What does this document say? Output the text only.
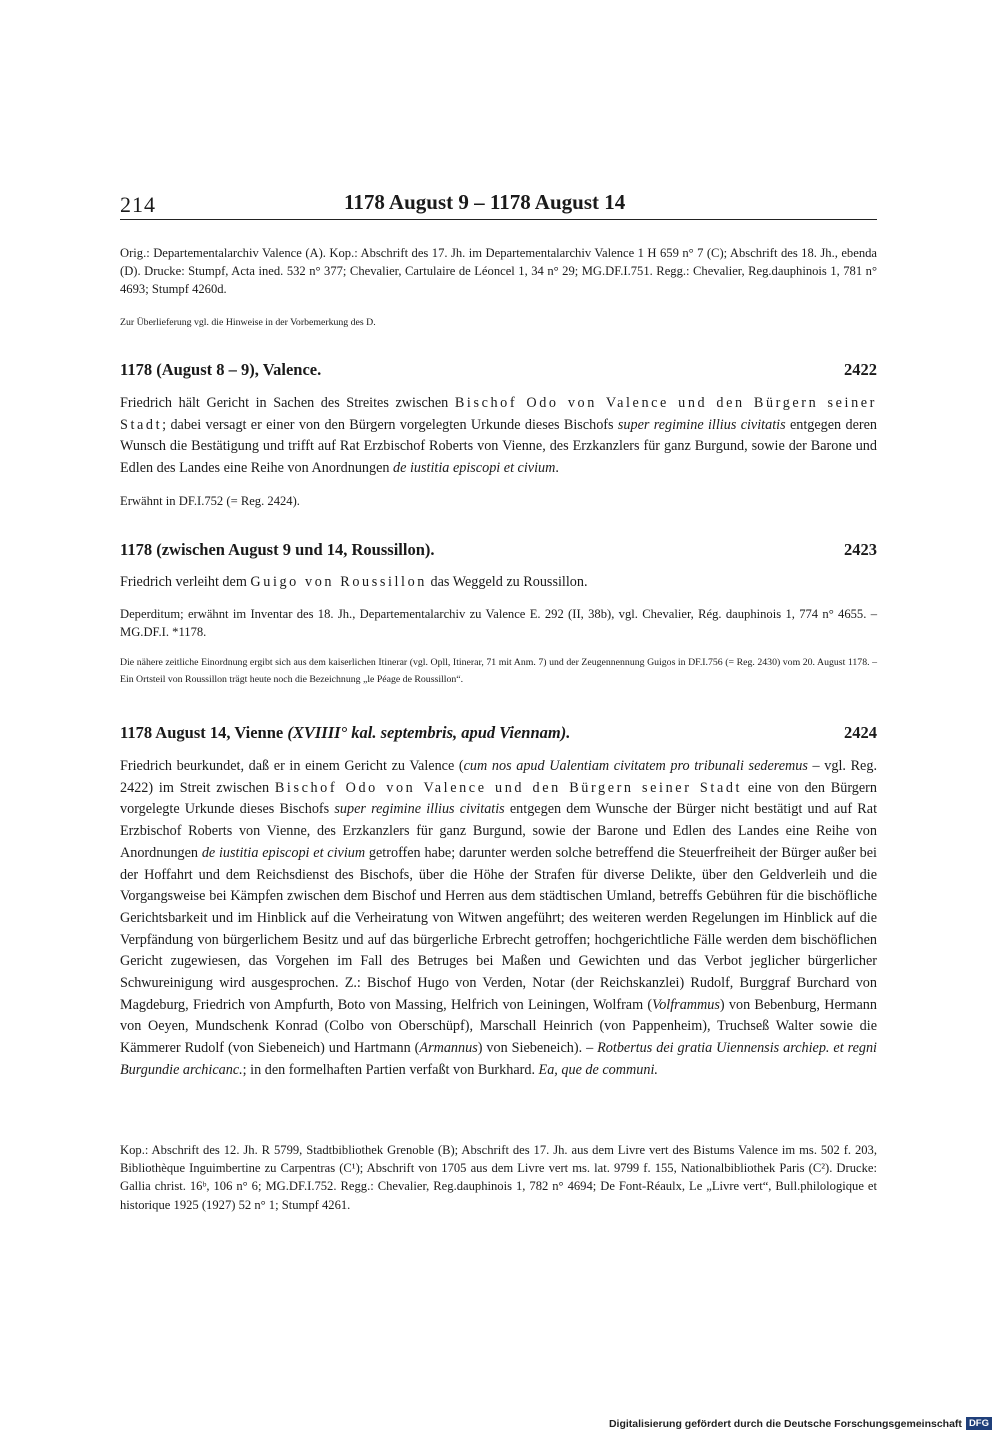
214	1178 August 9 – 1178 August 14
Orig.: Departementalarchiv Valence (A). Kop.: Abschrift des 17. Jh. im Departementalarchiv Valence 1 H 659 n° 7 (C); Abschrift des 18. Jh., ebenda (D). Drucke: Stumpf, Acta ined. 532 n° 377; Chevalier, Cartulaire de Léoncel 1, 34 n° 29; MG.DF.I.751. Regg.: Chevalier, Reg.dauphinois 1, 781 n° 4693; Stumpf 4260d.
Zur Überlieferung vgl. die Hinweise in der Vorbemerkung des D.
1178 (August 8 – 9), Valence.	2422
Friedrich hält Gericht in Sachen des Streites zwischen Bischof Odo von Valence und den Bürgern seiner Stadt; dabei versagt er einer von den Bürgern vorgelegten Urkunde dieses Bischofs super regimine illius civitatis entgegen deren Wunsch die Bestätigung und trifft auf Rat Erzbischof Roberts von Vienne, des Erzkanzlers für ganz Burgund, sowie der Barone und Edlen des Landes eine Reihe von Anordnungen de iustitia episcopi et civium.
Erwähnt in DF.I.752 (= Reg. 2424).
1178 (zwischen August 9 und 14, Roussillon).	2423
Friedrich verleiht dem Guigo von Roussillon das Weggeld zu Roussillon.
Deperditum; erwähnt im Inventar des 18. Jh., Departementalarchiv zu Valence E. 292 (II, 38b), vgl. Chevalier, Rég. dauphinois 1, 774 n° 4655. – MG.DF.I. *1178.
Die nähere zeitliche Einordnung ergibt sich aus dem kaiserlichen Itinerar (vgl. Opll, Itinerar, 71 mit Anm. 7) und der Zeugennennung Guigos in DF.I.756 (= Reg. 2430) vom 20. August 1178. – Ein Ortsteil von Roussillon trägt heute noch die Bezeichnung „le Péage de Roussillon“.
1178 August 14, Vienne (XVIIII° kal. septembris, apud Viennam).	2424
Friedrich beurkundet, daß er in einem Gericht zu Valence (cum nos apud Ualentiam civitatem pro tribunali sederemus – vgl. Reg. 2422) im Streit zwischen Bischof Odo von Valence und den Bürgern seiner Stadt eine von den Bürgern vorgelegte Urkunde dieses Bischofs super regimine illius civitatis entgegen dem Wunsche der Bürger nicht bestätigt und auf Rat Erzbischof Roberts von Vienne, des Erzkanzlers für ganz Burgund, sowie der Barone und Edlen des Landes eine Reihe von Anordnungen de iustitia episcopi et civium getroffen habe; darunter werden solche betreffend die Steuerfreiheit der Bürger außer bei der Hoffahrt und dem Reichsdienst des Bischofs, über die Höhe der Strafen für diverse Delikte, über den Geldverleih und die Vorgangsweise bei Kämpfen zwischen dem Bischof und Herren aus dem städtischen Umland, betreffs Gebühren für die bischöfliche Gerichtsbarkeit und im Hinblick auf die Verheiratung von Witwen angeführt; des weiteren werden Regelungen im Hinblick auf die Verpfändung von bürgerlichem Besitz und auf das bürgerliche Erbrecht getroffen; hochgerichtliche Fälle werden dem bischöflichen Gericht zugewiesen, das Vorgehen im Fall des Betruges bei Maßen und Gewichten und das Verbot jeglicher bürgerlicher Schwureinigung wird ausgesprochen. Z.: Bischof Hugo von Verden, Notar (der Reichskanzlei) Rudolf, Burggraf Burchard von Magdeburg, Friedrich von Ampfurth, Boto von Massing, Helfrich von Leiningen, Wolfram (Volframmus) von Bebenburg, Hermann von Oeyen, Mundschenk Konrad (Colbo von Oberschüpf), Marschall Heinrich (von Pappenheim), Truchseß Walter sowie die Kämmerer Rudolf (von Siebeneich) und Hartmann (Armannus) von Siebeneich). – Rotbertus dei gratia Uiennensis archiep. et regni Burgundie archicanc.; in den formelhaften Partien verfaßt von Burkhard. Ea, que de communi.
Kop.: Abschrift des 12. Jh. R 5799, Stadtbibliothek Grenoble (B); Abschrift des 17. Jh. aus dem Livre vert des Bistums Valence im ms. 502 f. 203, Bibliothèque Inguimbertine zu Carpentras (C¹); Abschrift von 1705 aus dem Livre vert ms. lat. 9799 f. 155, Nationalbibliothek Paris (C²). Drucke: Gallia christ. 16ᵇ, 106 n° 6; MG.DF.I.752. Regg.: Chevalier, Reg.dauphinois 1, 782 n° 4694; De Font-Réaulx, Le „Livre vert“, Bull.philologique et historique 1925 (1927) 52 n° 1; Stumpf 4261.
Digitalisierung gefördert durch die Deutsche Forschungsgemeinschaft DFG
